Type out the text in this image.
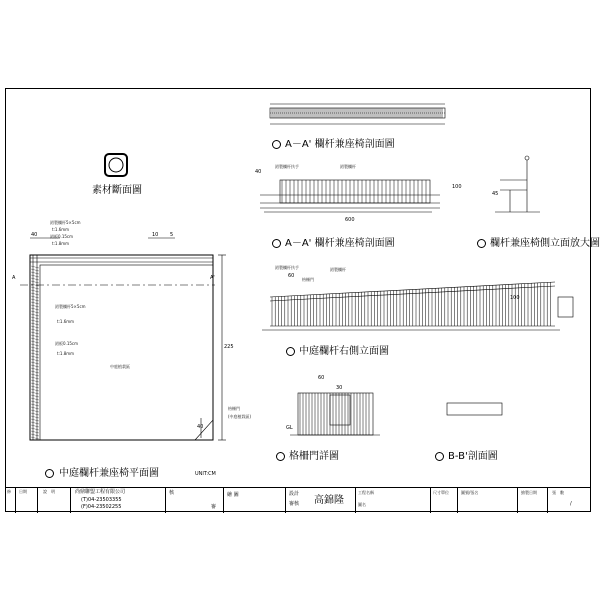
素材斷面圖
中庭欄杆兼座椅平面圖	UNIT:CM
A－A' 欄杆兼座椅剖面圖
A－A' 欄杆兼座椅剖面圖	欄杆兼座椅側立面放大圖
中庭欄杆右側立面圖
格柵門詳圖	B-B'剖面圖
40	10 5
225
40
A	A'
40
600
100
45
60
100
60
30
GL
鋁製欄杆5×5cm
t:1.6mm
鋁板0.15cm
t:1.8mm
鋁製欄杆5×5cm
t:1.6mm
鋁板0.15cm
t:1.8mm
中庭植栽區
格柵門
(中庭植栽區)
鋁製欄杆扶手	鋁製欄杆
鋁製欄杆
格柵門
鋁製欄杆扶手
修 日期	說　明	尚鼎聯盟工程有限公司
(T)04-23503355
(F)04-23502255
核
審
繪 圖	設計
審核 高錦隆
工程名稱
圖名
尺寸單位	圖號/張名	繪製日期	張　數
/
